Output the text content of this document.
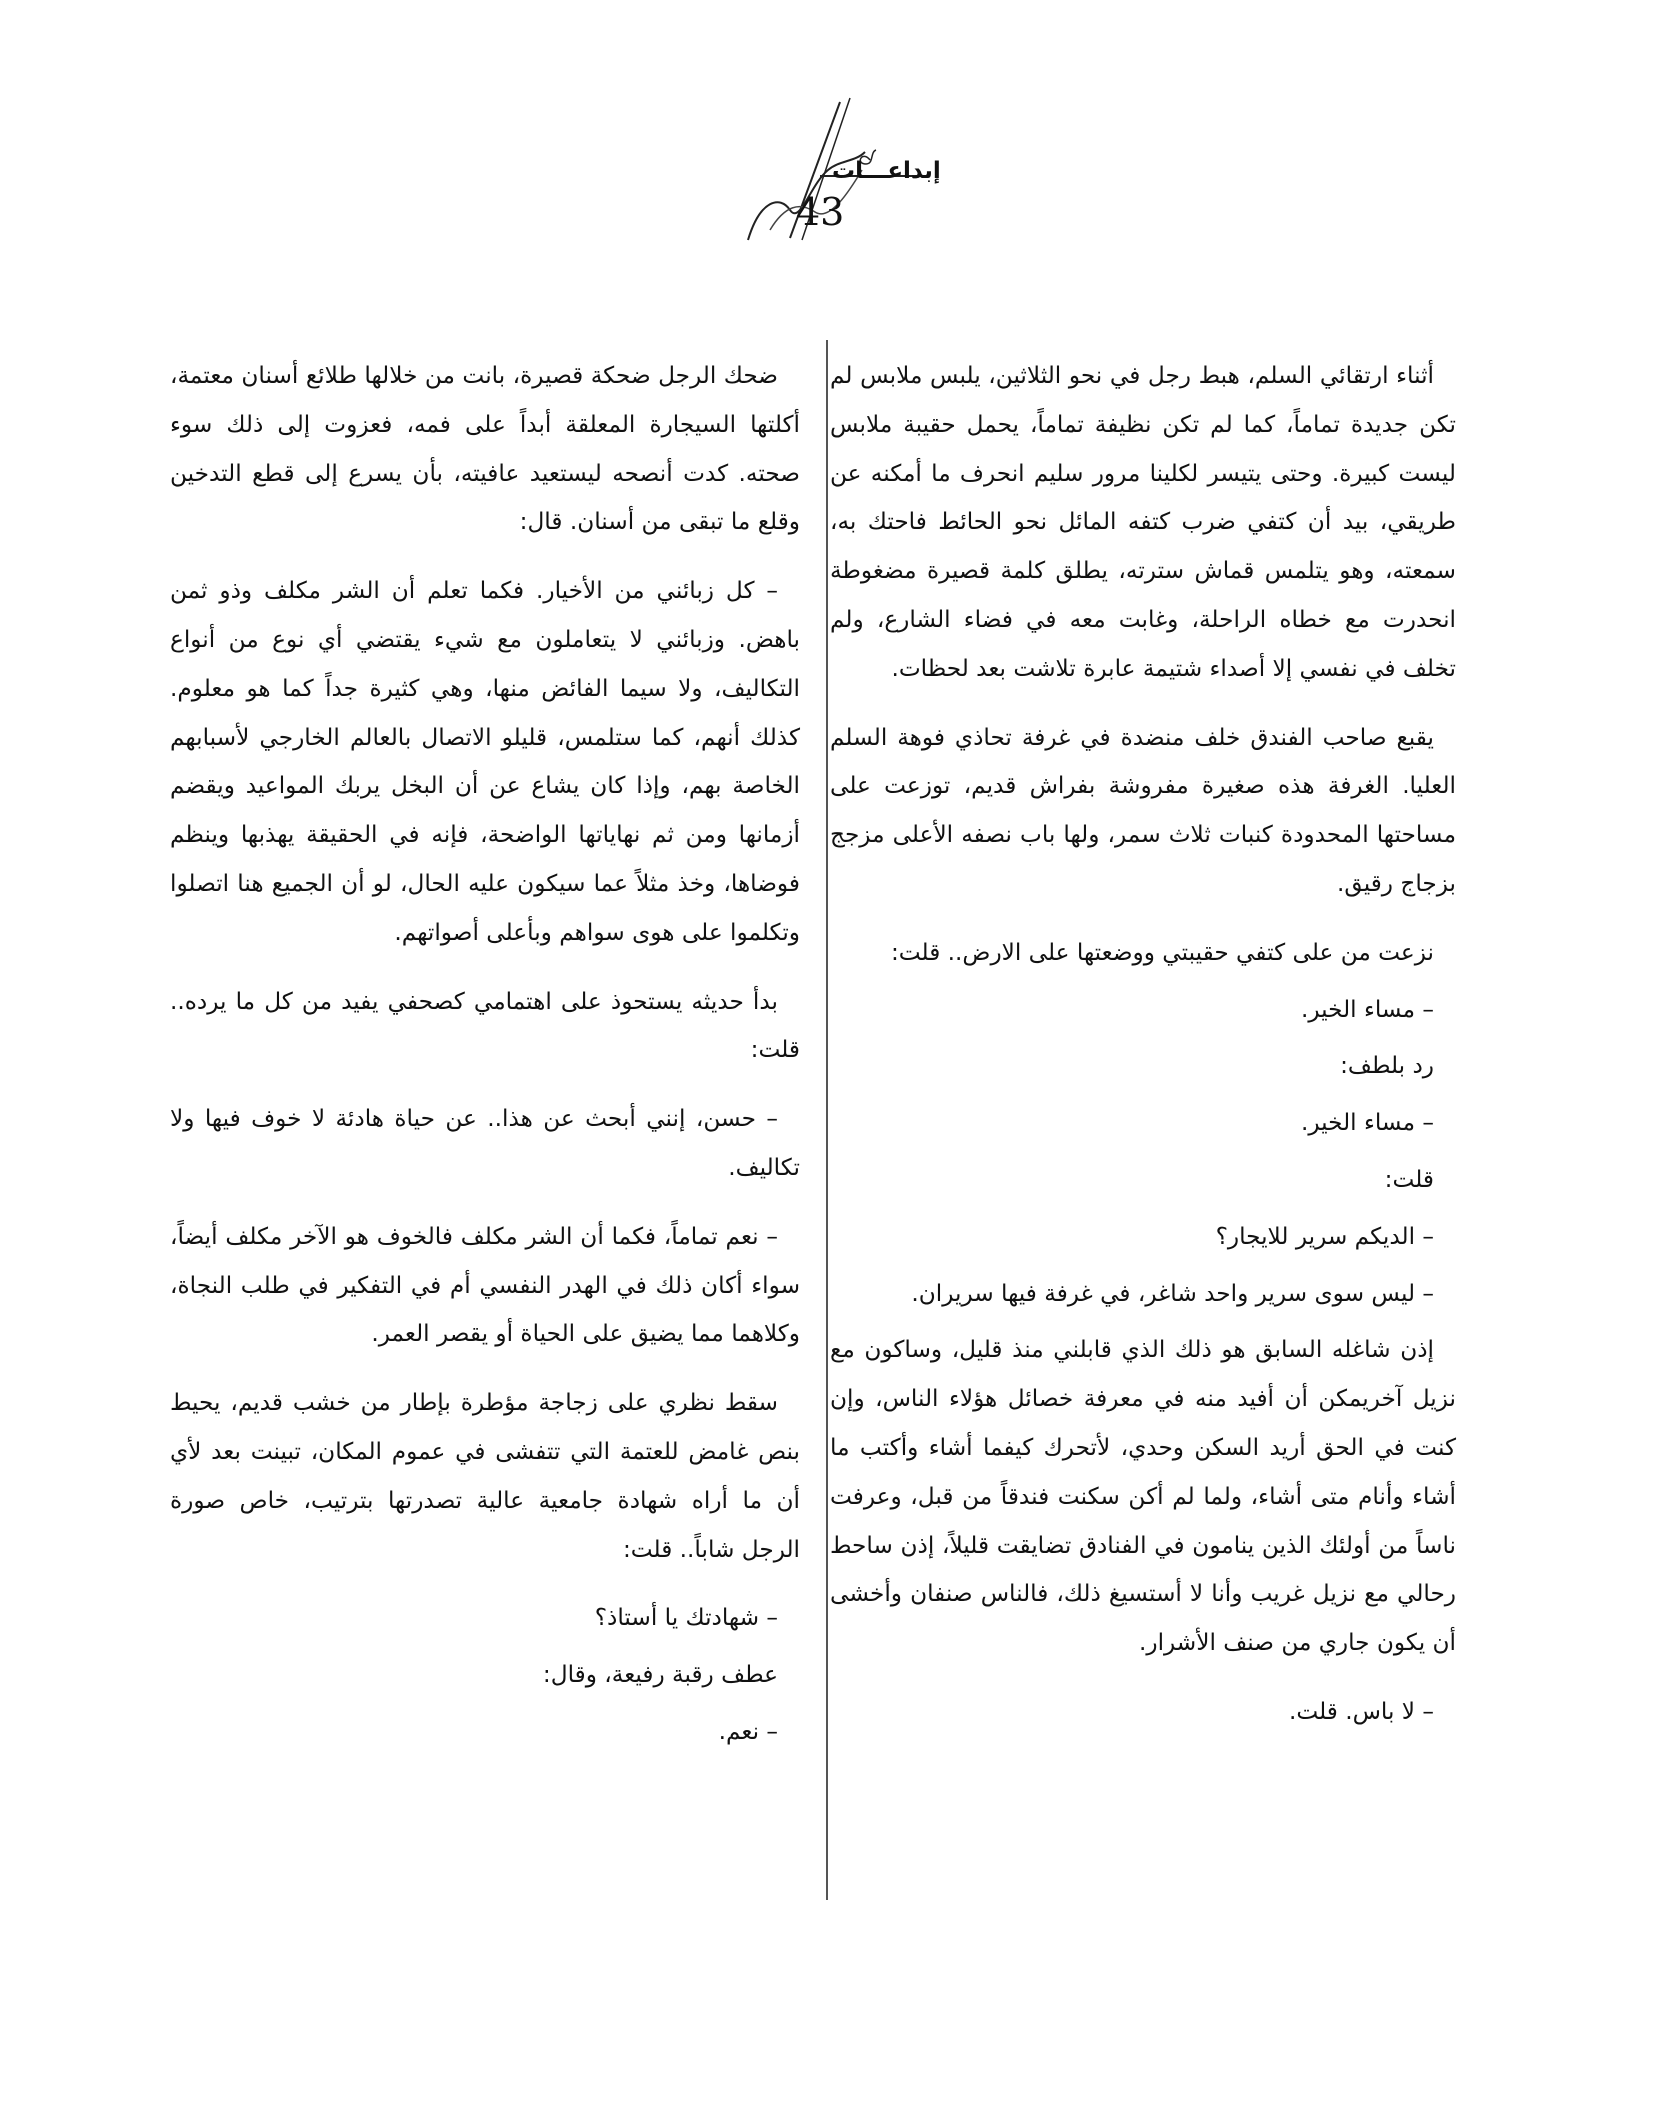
إبداعـــات
43

أثناء ارتقائي السلم، هبط رجل في نحو الثلاثين، يلبس ملابس لم تكن جديدة تماماً، كما لم تكن نظيفة تماماً، يحمل حقيبة ملابس ليست كبيرة. وحتى يتيسر لكلينا مرور سليم انحرف ما أمكنه عن طريقي، بيد أن كتفي ضرب كتفه المائل نحو الحائط فاحتك به، سمعته، وهو يتلمس قماش سترته، يطلق كلمة قصيرة مضغوطة انحدرت مع خطاه الراحلة، وغابت معه في فضاء الشارع، ولم تخلف في نفسي إلا أصداء شتيمة عابرة تلاشت بعد لحظات.

يقبع صاحب الفندق خلف منضدة في غرفة تحاذي فوهة السلم العليا. الغرفة هذه صغيرة مفروشة بفراش قديم، توزعت على مساحتها المحدودة كنبات ثلاث سمر، ولها باب نصفه الأعلى مزجج بزجاج رقيق.

نزعت من على كتفي حقيبتي ووضعتها على الارض.. قلت:

– مساء الخير.

رد بلطف:

– مساء الخير.

قلت:

– الديكم سرير للايجار؟

– ليس سوى سرير واحد شاغر، في غرفة فيها سريران.

إذن شاغله السابق هو ذلك الذي قابلني منذ قليل، وساكون مع نزيل آخريمكن أن أفيد منه في معرفة خصائل هؤلاء الناس، وإن كنت في الحق أريد السكن وحدي، لأتحرك كيفما أشاء وأكتب ما أشاء وأنام متى أشاء، ولما لم أكن سكنت فندقاً من قبل، وعرفت ناساً من أولئك الذين ينامون في الفنادق تضايقت قليلاً، إذن ساحط رحالي مع نزيل غريب وأنا لا أستسيغ ذلك، فالناس صنفان وأخشى أن يكون جاري من صنف الأشرار.

– لا باس. قلت.

ضحك الرجل ضحكة قصيرة، بانت من خلالها طلائع أسنان معتمة، أكلتها السيجارة المعلقة أبداً على فمه، فعزوت إلى ذلك سوء صحته. كدت أنصحه ليستعيد عافيته، بأن يسرع إلى قطع التدخين وقلع ما تبقى من أسنان. قال:

– كل زبائني من الأخيار. فكما تعلم أن الشر مكلف وذو ثمن باهض. وزبائني لا يتعاملون مع شيء يقتضي أي نوع من أنواع التكاليف، ولا سيما الفائض منها، وهي كثيرة جداً كما هو معلوم. كذلك أنهم، كما ستلمس، قليلو الاتصال بالعالم الخارجي لأسبابهم الخاصة بهم، وإذا كان يشاع عن أن البخل يربك المواعيد ويقضم أزمانها ومن ثم نهاياتها الواضحة، فإنه في الحقيقة يهذبها وينظم فوضاها، وخذ مثلاً عما سيكون عليه الحال، لو أن الجميع هنا اتصلوا وتكلموا على هوى سواهم وبأعلى أصواتهم.

بدأ حديثه يستحوذ على اهتمامي كصحفي يفيد من كل ما يرده.. قلت:

– حسن، إنني أبحث عن هذا.. عن حياة هادئة لا خوف فيها ولا تكاليف.

– نعم تماماً، فكما أن الشر مكلف فالخوف هو الآخر مكلف أيضاً، سواء أكان ذلك في الهدر النفسي أم في التفكير في طلب النجاة، وكلاهما مما يضيق على الحياة أو يقصر العمر.

سقط نظري على زجاجة مؤطرة بإطار من خشب قديم، يحيط بنص غامض للعتمة التي تتفشى في عموم المكان، تبينت بعد لأي أن ما أراه شهادة جامعية عالية تصدرتها بترتيب، خاص صورة الرجل شاباً.. قلت:

– شهادتك يا أستاذ؟

عطف رقبة رفيعة، وقال:

– نعم.
